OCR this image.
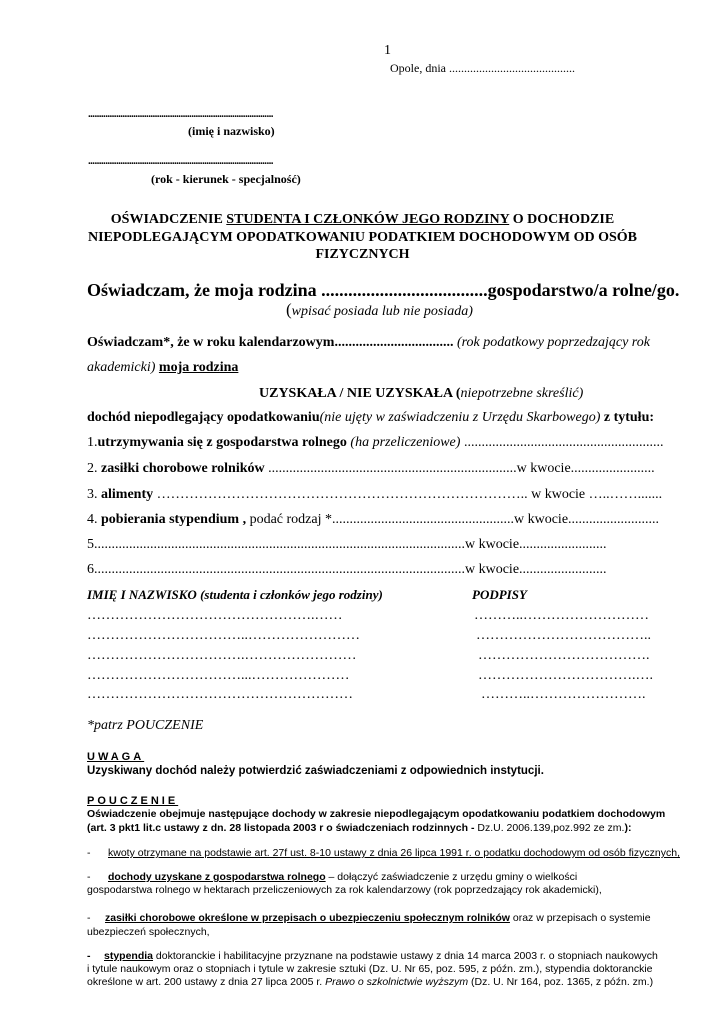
1
Opole, dnia ..........................................
......................................................................................
(imię i nazwisko)
......................................................................................
(rok - kierunek - specjalność)
OŚWIADCZENIE STUDENTA I CZŁONKÓW JEGO RODZINY O DOCHODZIE
NIEPODLEGAJĄCYM OPODATKOWANIU PODATKIEM DOCHODOWYM OD OSÓB
FIZYCZNYCH
Oświadczam, że moja rodzina .....................................gospodarstwo/a rolne/go.
(wpisać posiada lub nie posiada)
Oświadczam*, że w roku kalendarzowym.................................. (rok podatkowy poprzedzający rok
akademicki) moja rodzina
UZYSKAŁA / NIE UZYSKAŁA (niepotrzebne skreślić)
dochód niepodlegający opodatkowaniu(nie ujęty w zaświadczeniu z Urzędu Skarbowego) z tytułu:
1.utrzymywania się z gospodarstwa rolnego (ha przeliczeniowe) .........................................................
2. zasiłki chorobowe rolników .......................................................................w kwocie........................
3. alimenty …………………………………………………………………….. w kwocie …..…….......
4. pobierania stypendium , podać rodzaj *....................................................w kwocie..........................
5..........................................................................................................w kwocie.........................
6..........................................................................................................w kwocie.........................
IMIĘ I NAZWISKO (studenta i członków jego rodziny)	PODPISY
………………………………………….……	………..………………………
……………………………..……………………	………………………………..
…………………………….……………………	……………………………….
……………………………...…………………	…………………………….….
…………………………………………………	………..…………………….
*patrz POUCZENIE
UWAGA
Uzyskiwany dochód należy potwierdzić zaświadczeniami z odpowiednich instytucji.
POUCZENIE
Oświadczenie obejmuje następujące dochody w zakresie niepodlegającym opodatkowaniu podatkiem dochodowym
(art. 3 pkt1 lit.c ustawy z dn. 28 listopada 2003 r o świadczeniach rodzinnych - Dz.U. 2006.139,poz.992 ze zm.):
- kwoty otrzymane na podstawie art. 27f ust. 8-10 ustawy z dnia 26 lipca 1991 r. o podatku dochodowym od osób fizycznych,
- dochody uzyskane z gospodarstwa rolnego – dołączyć zaświadczenie z urzędu gminy o wielkości
gospodarstwa rolnego w hektarach przeliczeniowych za rok kalendarzowy (rok poprzedzający rok akademicki),
- zasiłki chorobowe określone w przepisach o ubezpieczeniu społecznym rolników oraz w przepisach o systemie
ubezpieczeń społecznych,
- stypendia doktoranckie i habilitacyjne przyznane na podstawie ustawy z dnia 14 marca 2003 r. o stopniach naukowych
i tytule naukowym oraz o stopniach i tytule w zakresie sztuki (Dz. U. Nr 65, poz. 595, z późn. zm.), stypendia doktoranckie
określone w art. 200 ustawy z dnia 27 lipca 2005 r. Prawo o szkolnictwie wyższym (Dz. U. Nr 164, poz. 1365, z późn. zm.)
